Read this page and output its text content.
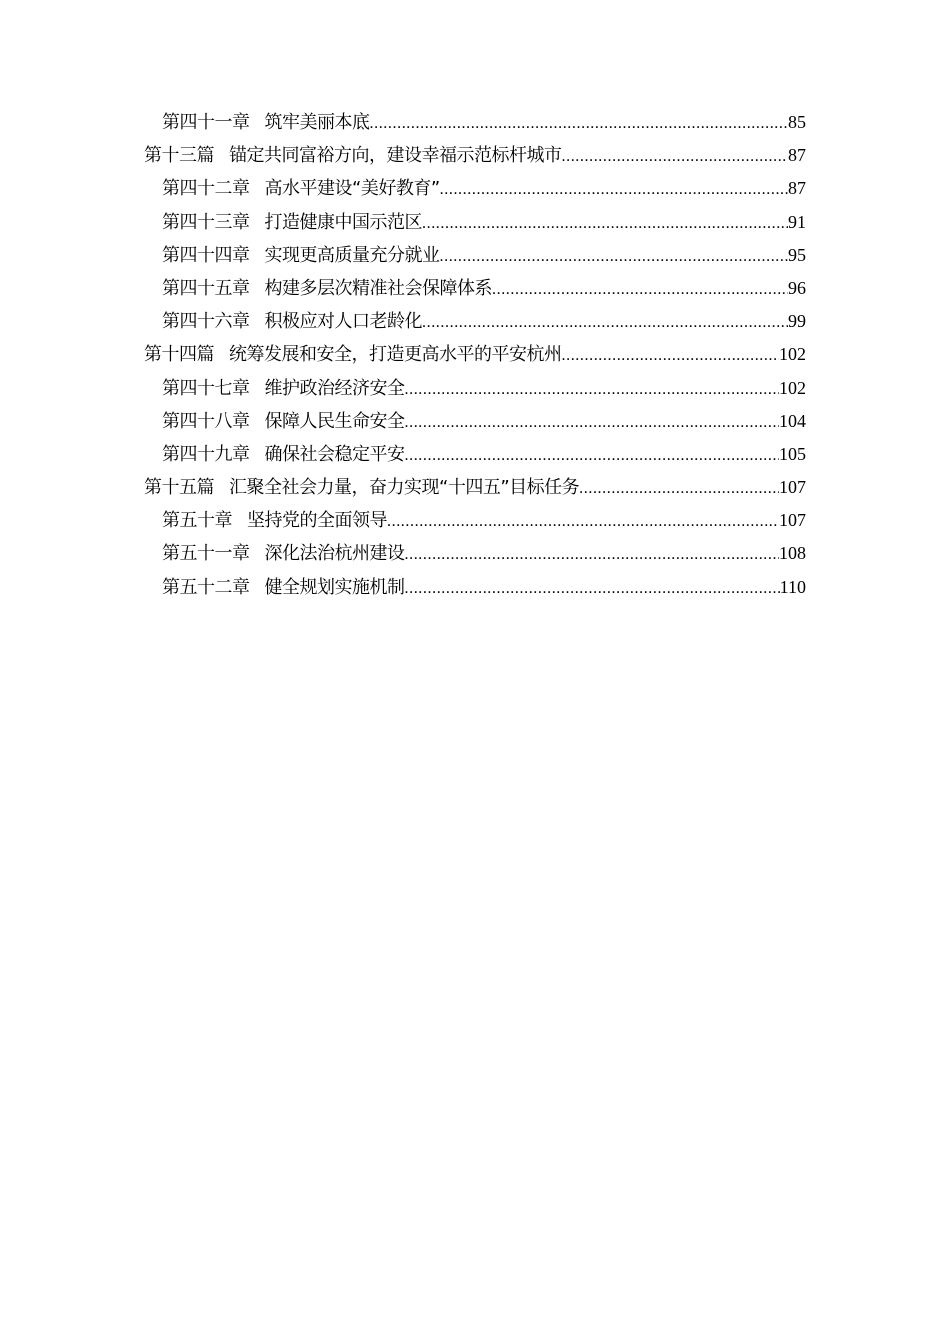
第四十一章 筑牢美丽本底 .....	85
第十三篇 锚定共同富裕方向，建设幸福示范标杆城市 .....	87
第四十二章 高水平建设“美好教育” .....	87
第四十三章 打造健康中国示范区 .....	91
第四十四章 实现更高质量充分就业 .....	95
第四十五章 构建多层次精准社会保障体系 .....	96
第四十六章 积极应对人口老龄化 .....	99
第十四篇 统筹发展和安全，打造更高水平的平安杭州 .....	102
第四十七章 维护政治经济安全 .....	102
第四十八章 保障人民生命安全 .....	104
第四十九章 确保社会稳定平安 .....	105
第十五篇 汇聚全社会力量，奋力实现“十四五”目标任务 .....	107
第五十章 坚持党的全面领导 .....	107
第五十一章 深化法治杭州建设 .....	108
第五十二章 健全规划实施机制 .....	110
